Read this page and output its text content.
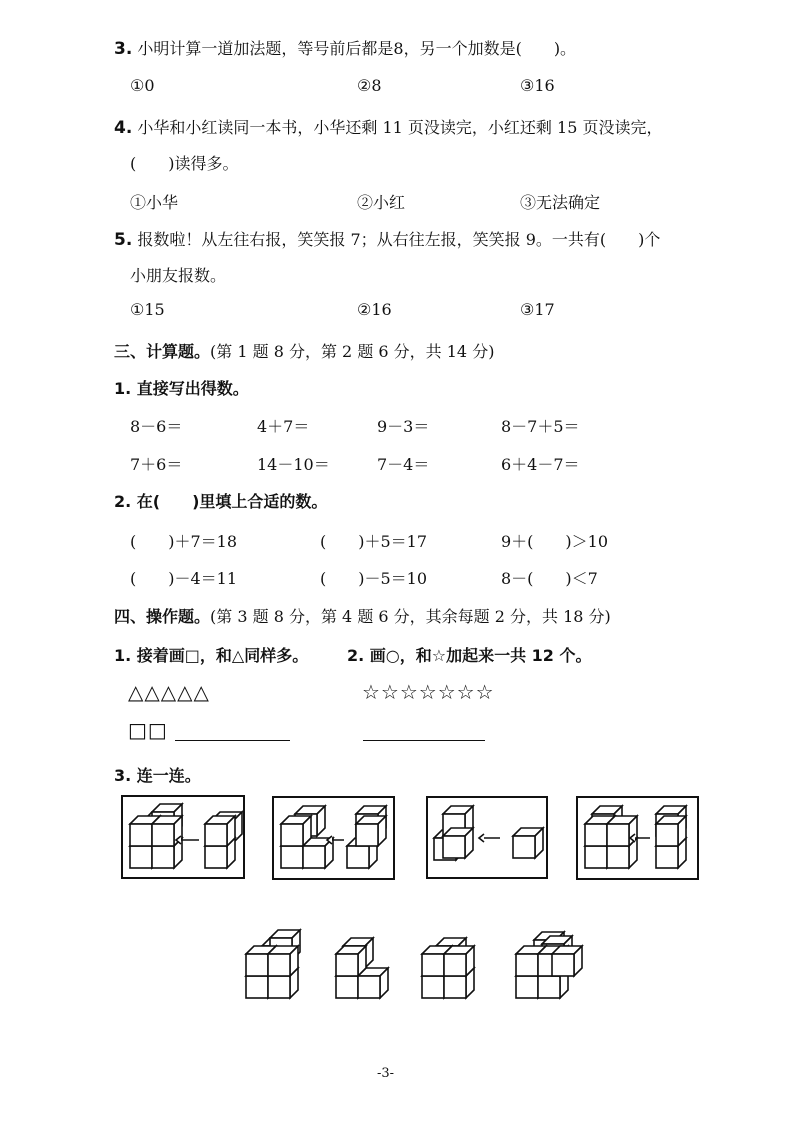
3. 小明计算一道加法题，等号前后都是8，另一个加数是(　　)。
①0	②8	③16
4. 小华和小红读同一本书，小华还剩 11 页没读完，小红还剩 15 页没读完，
(　　)读得多。
①小华	②小红	③无法确定
5. 报数啦！从左往右报，笑笑报 7；从右往左报，笑笑报 9。一共有(　　)个
小朋友报数。
①15	②16	③17
三、计算题。(第 1 题 8 分，第 2 题 6 分，共 14 分)
1. 直接写出得数。
8－6＝	4＋7＝	9－3＝	8－7＋5＝
7＋6＝	14－10＝	7－4＝	6＋4－7＝
2. 在(　　)里填上合适的数。
(　　)＋7＝18	(　　)＋5＝17	9＋(　　)＞10
(　　)－4＝11	(　　)－5＝10	8－(　　)＜7
四、操作题。(第 3 题 8 分，第 4 题 6 分，其余每题 2 分，共 18 分)
1. 接着画□，和△同样多。 2. 画○，和☆加起来一共 12 个。
△△△△△	☆☆☆☆☆☆☆
□□
3. 连一连。
-3-
